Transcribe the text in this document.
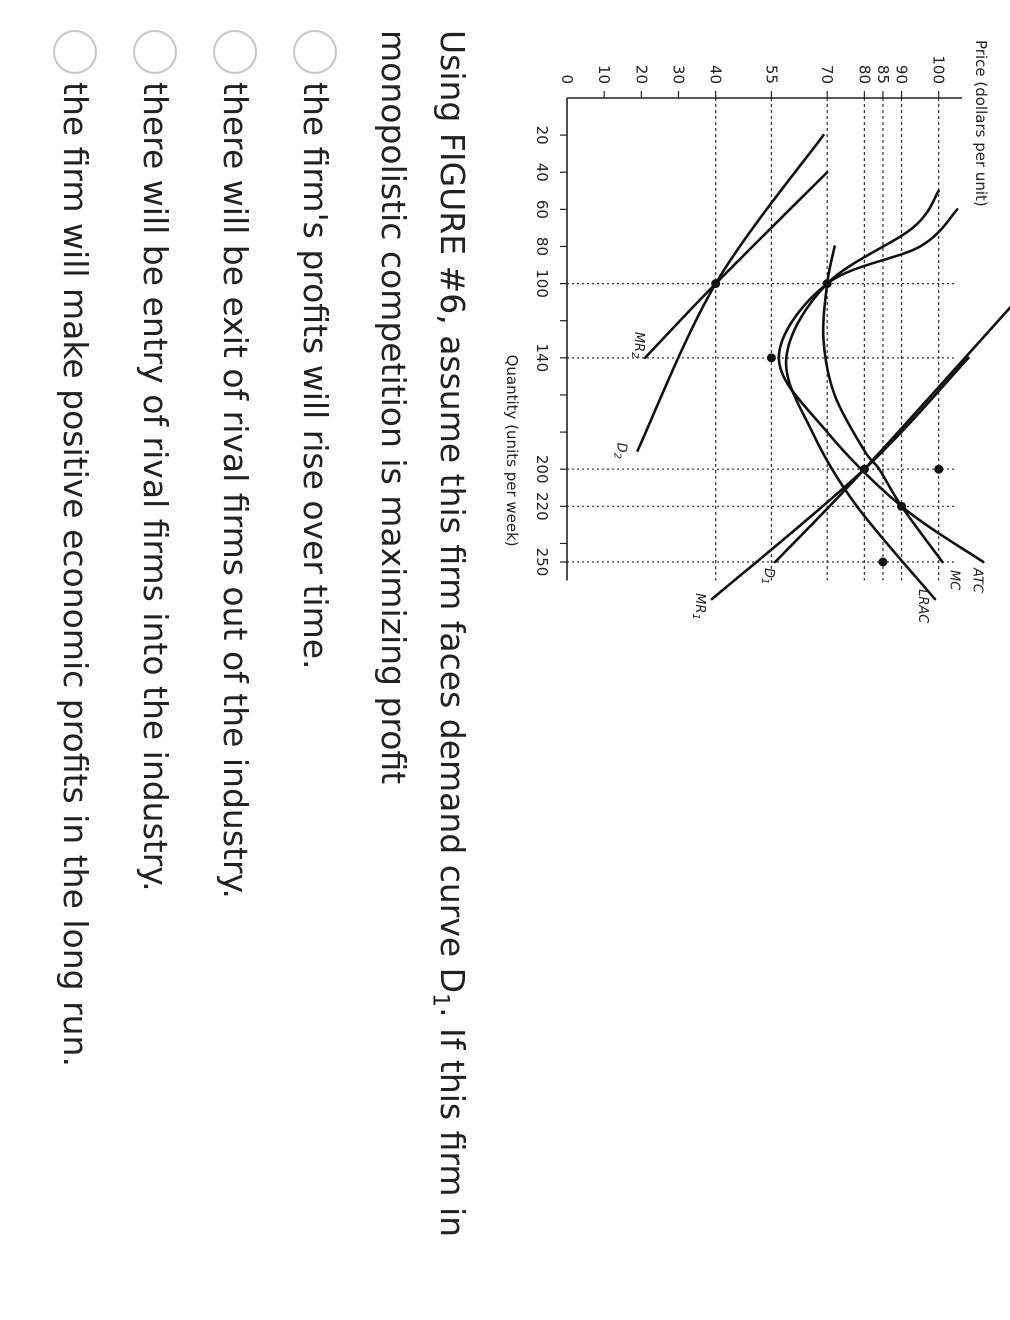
0 10 20 30 40	55	70 80 85 90 100
20
40
60
80
100
140
200
220
250
Price (dollars per unit)
Quantity (units per week)
MC ATC
LRAC
$D_1$
$MR_1$
$D_2$
$MR_2$
Using FIGURE #6, assume this firm faces demand curve $D_1$. If this firm in monopolistic competition is maximizing profit
the firm's profits will rise over time.
there will be exit of rival firms out of the industry.
there will be entry of rival firms into the industry.
the firm will make positive economic profits in the long run.
